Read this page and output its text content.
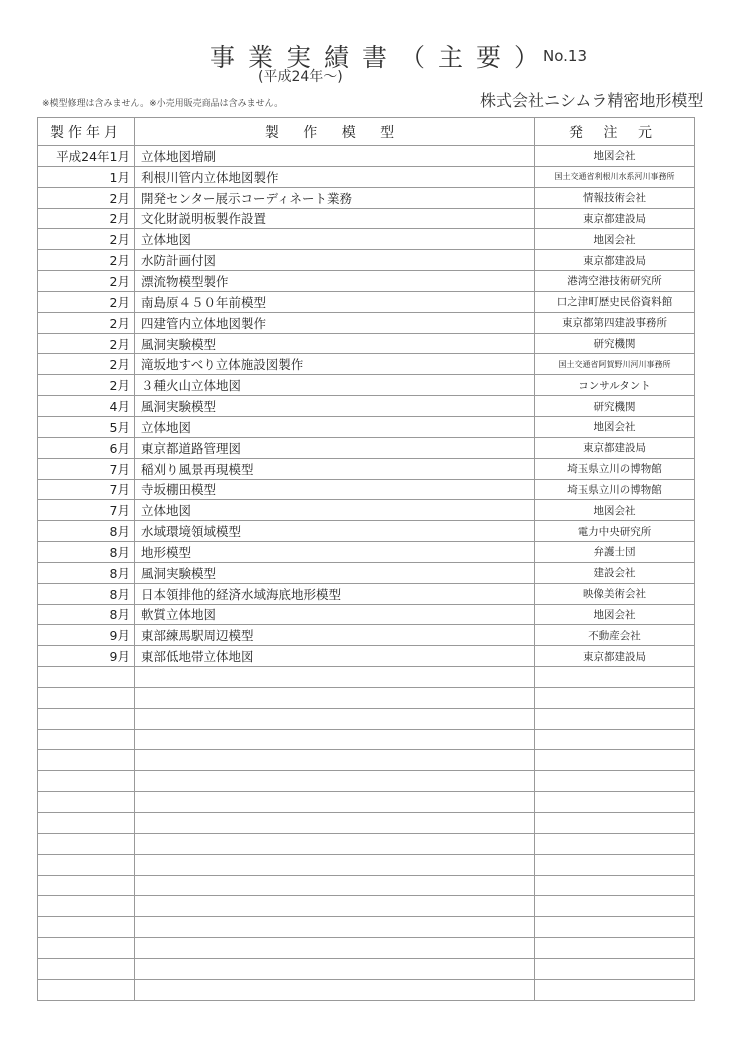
事業実績書（主要）
No.13
(平成24年〜)
※模型修理は含みません。※小売用販売商品は含みません。	株式会社ニシムラ精密地形模型
製作年月	製 作 模 型	発 注 元
平成24年1月	立体地図増刷	地図会社
1月	利根川管内立体地図製作	国土交通省利根川水系河川事務所
2月	開発センター展示コーディネート業務	情報技術会社
2月	文化財説明板製作設置	東京都建設局
2月	立体地図	地図会社
2月	水防計画付図	東京都建設局
2月	漂流物模型製作	港湾空港技術研究所
2月	南島原４５０年前模型	口之津町歴史民俗資料館
2月	四建管内立体地図製作	東京都第四建設事務所
2月	風洞実験模型	研究機関
2月	滝坂地すべり立体施設図製作	国土交通省阿賀野川河川事務所
2月	３種火山立体地図	コンサルタント
4月	風洞実験模型	研究機関
5月	立体地図	地図会社
6月	東京都道路管理図	東京都建設局
7月	稲刈り風景再現模型	埼玉県立川の博物館
7月	寺坂棚田模型	埼玉県立川の博物館
7月	立体地図	地図会社
8月	水域環境領域模型	電力中央研究所
8月	地形模型	弁護士団
8月	風洞実験模型	建設会社
8月	日本領排他的経済水域海底地形模型	映像美術会社
8月	軟質立体地図	地図会社
9月	東部練馬駅周辺模型	不動産会社
9月	東部低地帯立体地図	東京都建設局
